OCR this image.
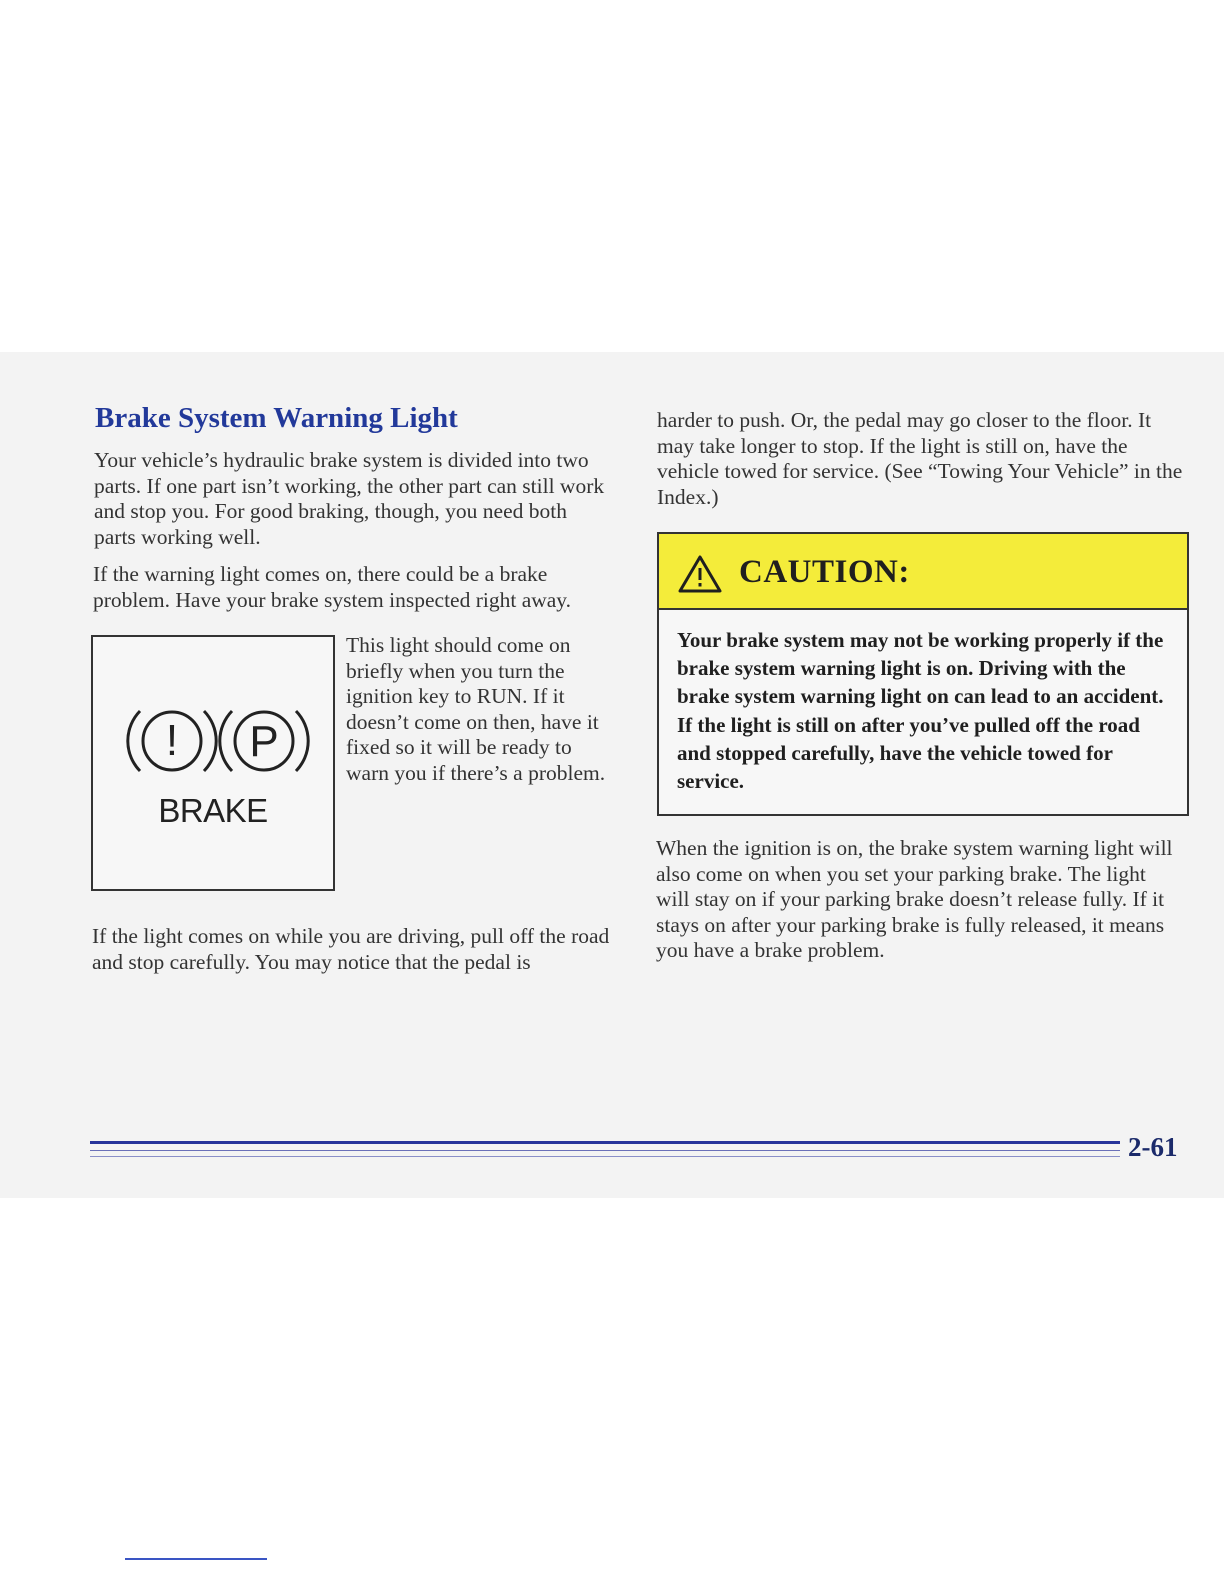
Brake System Warning Light

Your vehicle’s hydraulic brake system is divided into two parts. If one part isn’t working, the other part can still work and stop you. For good braking, though, you need both parts working well.

If the warning light comes on, there could be a brake problem. Have your brake system inspected right away.

! P
BRAKE

This light should come on briefly when you turn the ignition key to RUN. If it doesn’t come on then, have it fixed so it will be ready to warn you if there’s a problem.

If the light comes on while you are driving, pull off the road and stop carefully. You may notice that the pedal is

harder to push. Or, the pedal may go closer to the floor. It may take longer to stop. If the light is still on, have the vehicle towed for service. (See “Towing Your Vehicle” in the Index.)

CAUTION:

Your brake system may not be working properly if the brake system warning light is on. Driving with the brake system warning light on can lead to an accident. If the light is still on after you’ve pulled off the road and stopped carefully, have the vehicle towed for service.

When the ignition is on, the brake system warning light will also come on when you set your parking brake. The light will stay on if your parking brake doesn’t release fully. If it stays on after your parking brake is fully released, it means you have a brake problem.

2-61
